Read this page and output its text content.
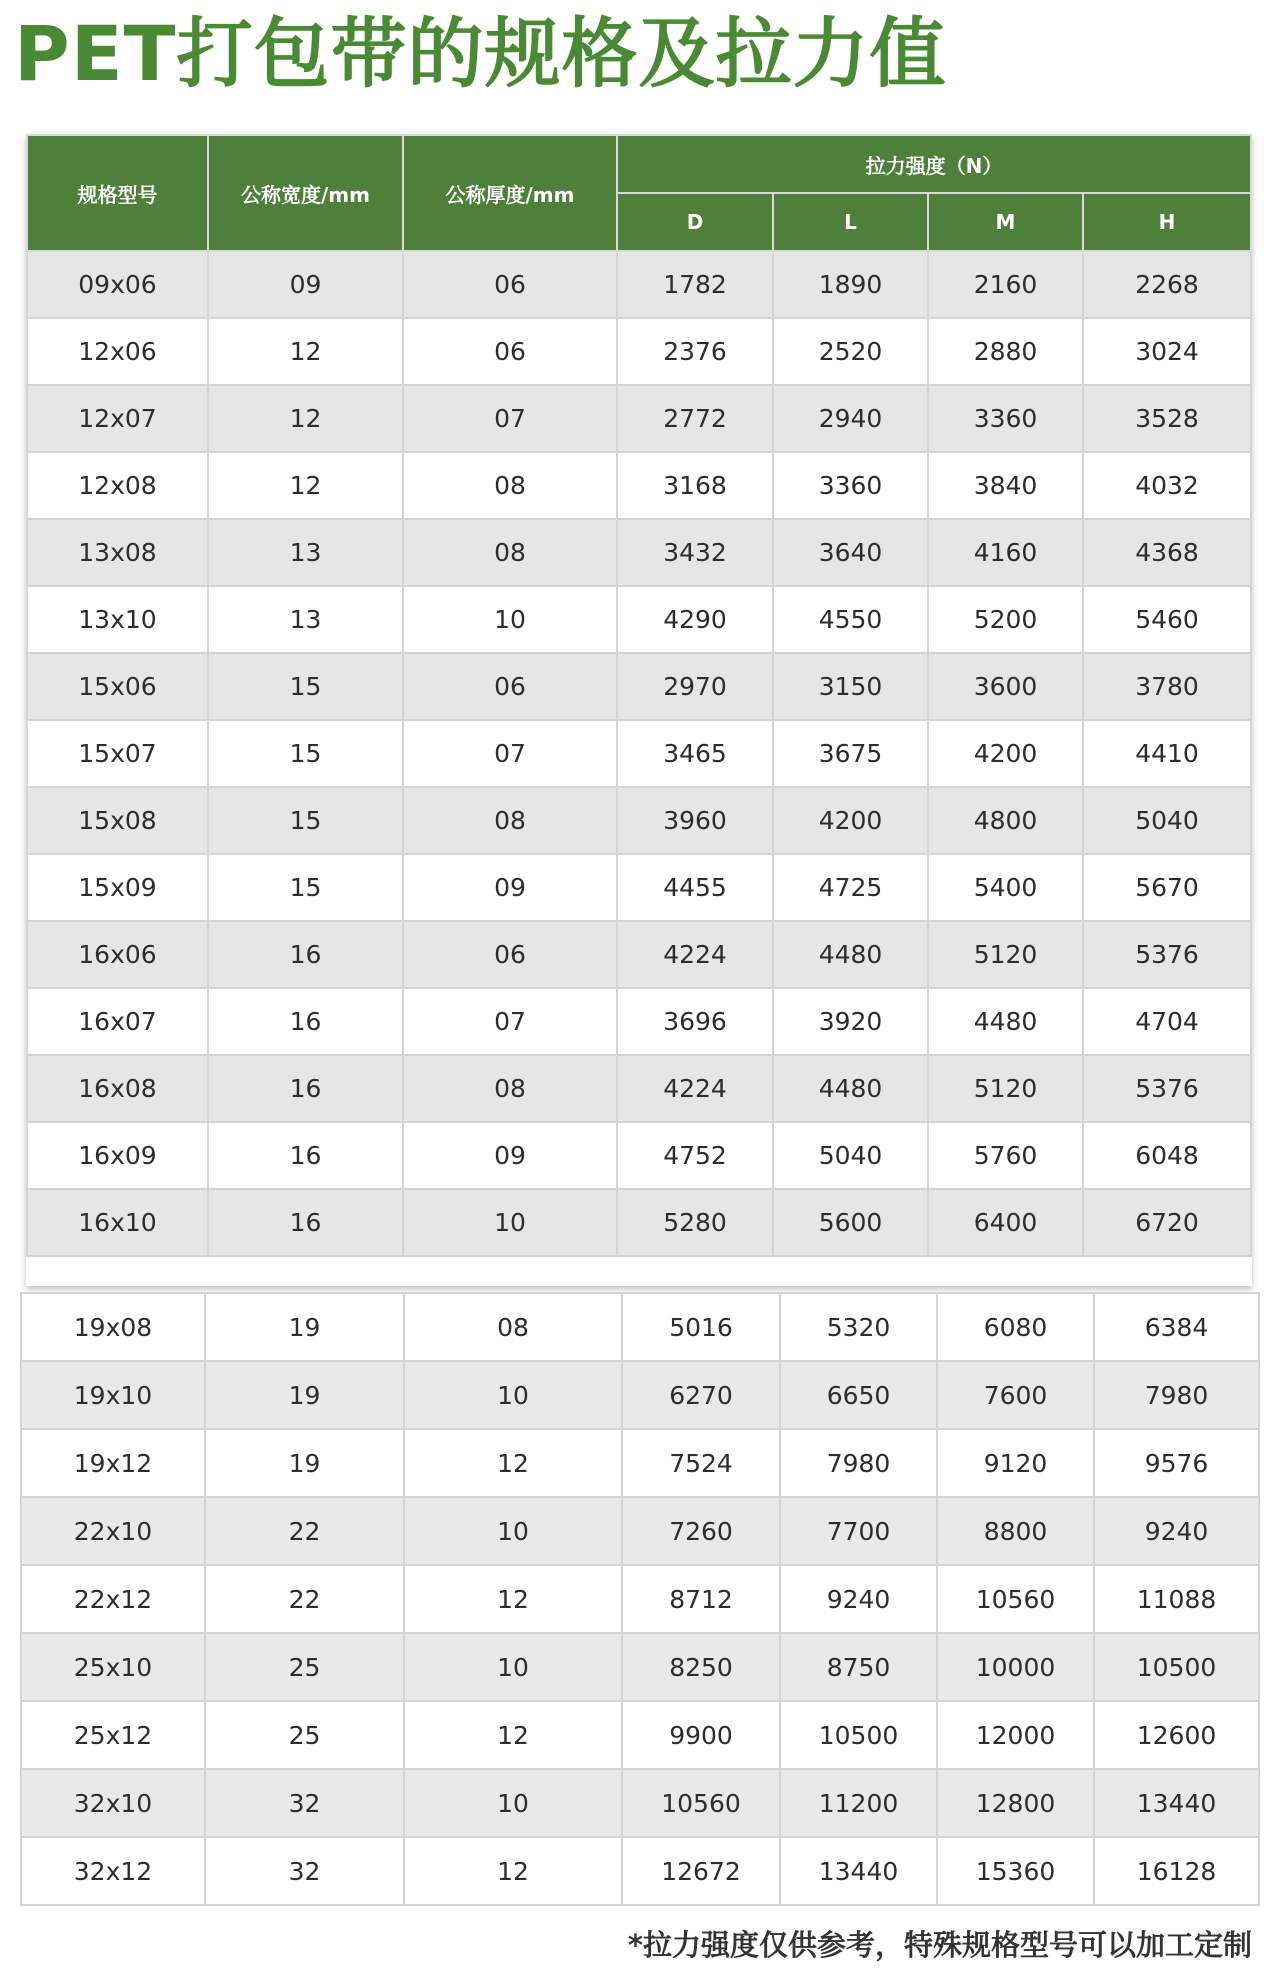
PET打包带的规格及拉力值
规格型号	公称宽度/mm	公称厚度/mm	拉力强度（N）			
			D	L	M	H
09x06	09	06	1782	1890	2160	2268
12x06	12	06	2376	2520	2880	3024
12x07	12	07	2772	2940	3360	3528
12x08	12	08	3168	3360	3840	4032
13x08	13	08	3432	3640	4160	4368
13x10	13	10	4290	4550	5200	5460
15x06	15	06	2970	3150	3600	3780
15x07	15	07	3465	3675	4200	4410
15x08	15	08	3960	4200	4800	5040
15x09	15	09	4455	4725	5400	5670
16x06	16	06	4224	4480	5120	5376
16x07	16	07	3696	3920	4480	4704
16x08	16	08	4224	4480	5120	5376
16x09	16	09	4752	5040	5760	6048
16x10	16	10	5280	5600	6400	6720
19x08	19	08	5016	5320	6080	6384
19x10	19	10	6270	6650	7600	7980
19x12	19	12	7524	7980	9120	9576
22x10	22	10	7260	7700	8800	9240
22x12	22	12	8712	9240	10560	11088
25x10	25	10	8250	8750	10000	10500
25x12	25	12	9900	10500	12000	12600
32x10	32	10	10560	11200	12800	13440
32x12	32	12	12672	13440	15360	16128
*拉力强度仅供参考，特殊规格型号可以加工定制
